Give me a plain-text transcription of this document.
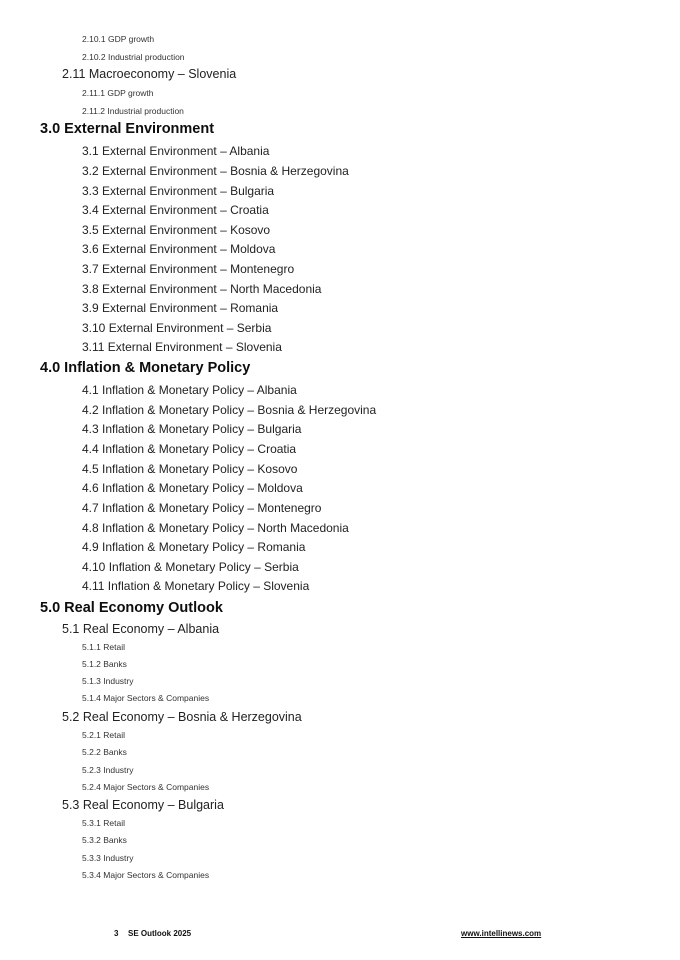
2.10.1 GDP growth
2.10.2 Industrial production
2.11 Macroeconomy – Slovenia
2.11.1 GDP growth
2.11.2 Industrial production
3.0 External Environment
3.1 External Environment – Albania
3.2 External Environment – Bosnia & Herzegovina
3.3 External Environment – Bulgaria
3.4 External Environment – Croatia
3.5 External Environment – Kosovo
3.6 External Environment – Moldova
3.7 External Environment – Montenegro
3.8 External Environment – North Macedonia
3.9 External Environment – Romania
3.10 External Environment – Serbia
3.11 External Environment – Slovenia
4.0 Inflation & Monetary Policy
4.1 Inflation & Monetary Policy – Albania
4.2 Inflation & Monetary Policy – Bosnia & Herzegovina
4.3 Inflation & Monetary Policy – Bulgaria
4.4 Inflation & Monetary Policy – Croatia
4.5 Inflation & Monetary Policy – Kosovo
4.6 Inflation & Monetary Policy – Moldova
4.7 Inflation & Monetary Policy – Montenegro
4.8 Inflation & Monetary Policy – North Macedonia
4.9 Inflation & Monetary Policy – Romania
4.10 Inflation & Monetary Policy – Serbia
4.11 Inflation & Monetary Policy – Slovenia
5.0 Real Economy Outlook
5.1 Real Economy – Albania
5.1.1 Retail
5.1.2 Banks
5.1.3 Industry
5.1.4 Major Sectors & Companies
5.2 Real Economy – Bosnia & Herzegovina
5.2.1 Retail
5.2.2 Banks
5.2.3 Industry
5.2.4 Major Sectors & Companies
5.3 Real Economy – Bulgaria
5.3.1 Retail
5.3.2 Banks
5.3.3 Industry
5.3.4 Major Sectors & Companies
3 SE Outlook 2025	www.intellinews.com
